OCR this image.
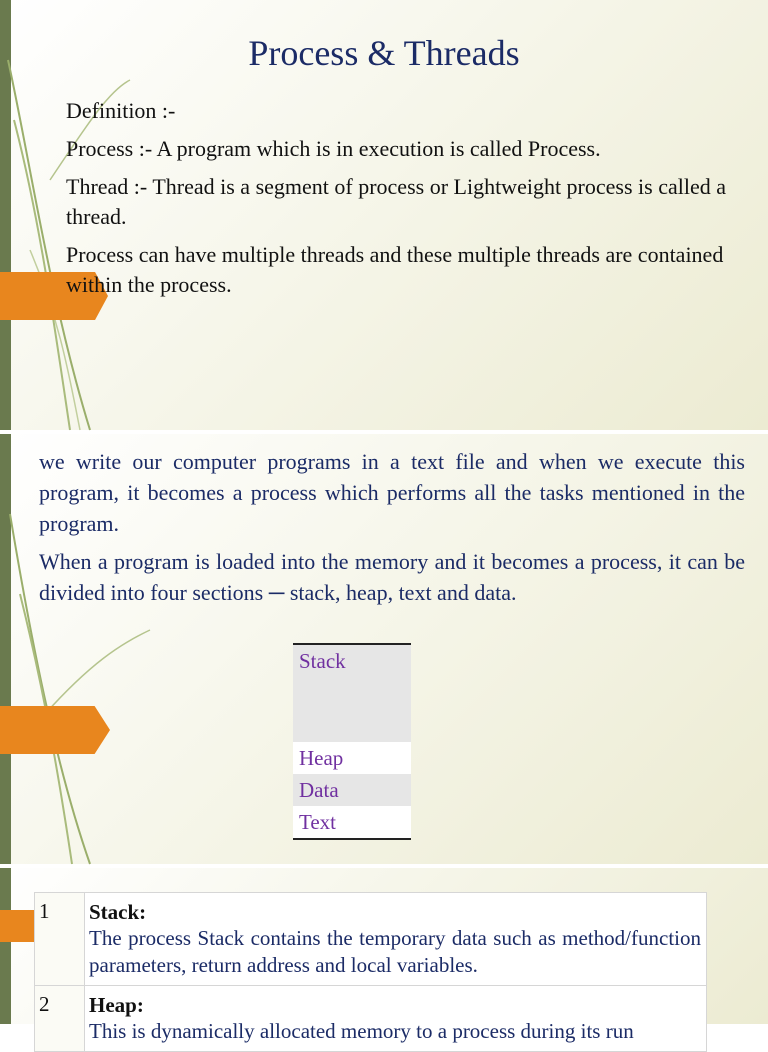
Process & Threads

Definition :-

Process :- A program which is in execution is called Process.

Thread :- Thread is a segment of process or Lightweight process is called a thread.

Process can have multiple threads and these multiple threads are contained within the process.

we write our computer programs in a text file and when we execute this program, it becomes a process which performs all the tasks mentioned in the program.

When a program is loaded into the memory and it becomes a process, it can be divided into four sections ─ stack, heap, text and data.

Stack
Heap
Data
Text
1	Stack:
The process Stack contains the temporary data such as method/function parameters, return address and local variables.

2	Heap:
This is dynamically allocated memory to a process during its run
